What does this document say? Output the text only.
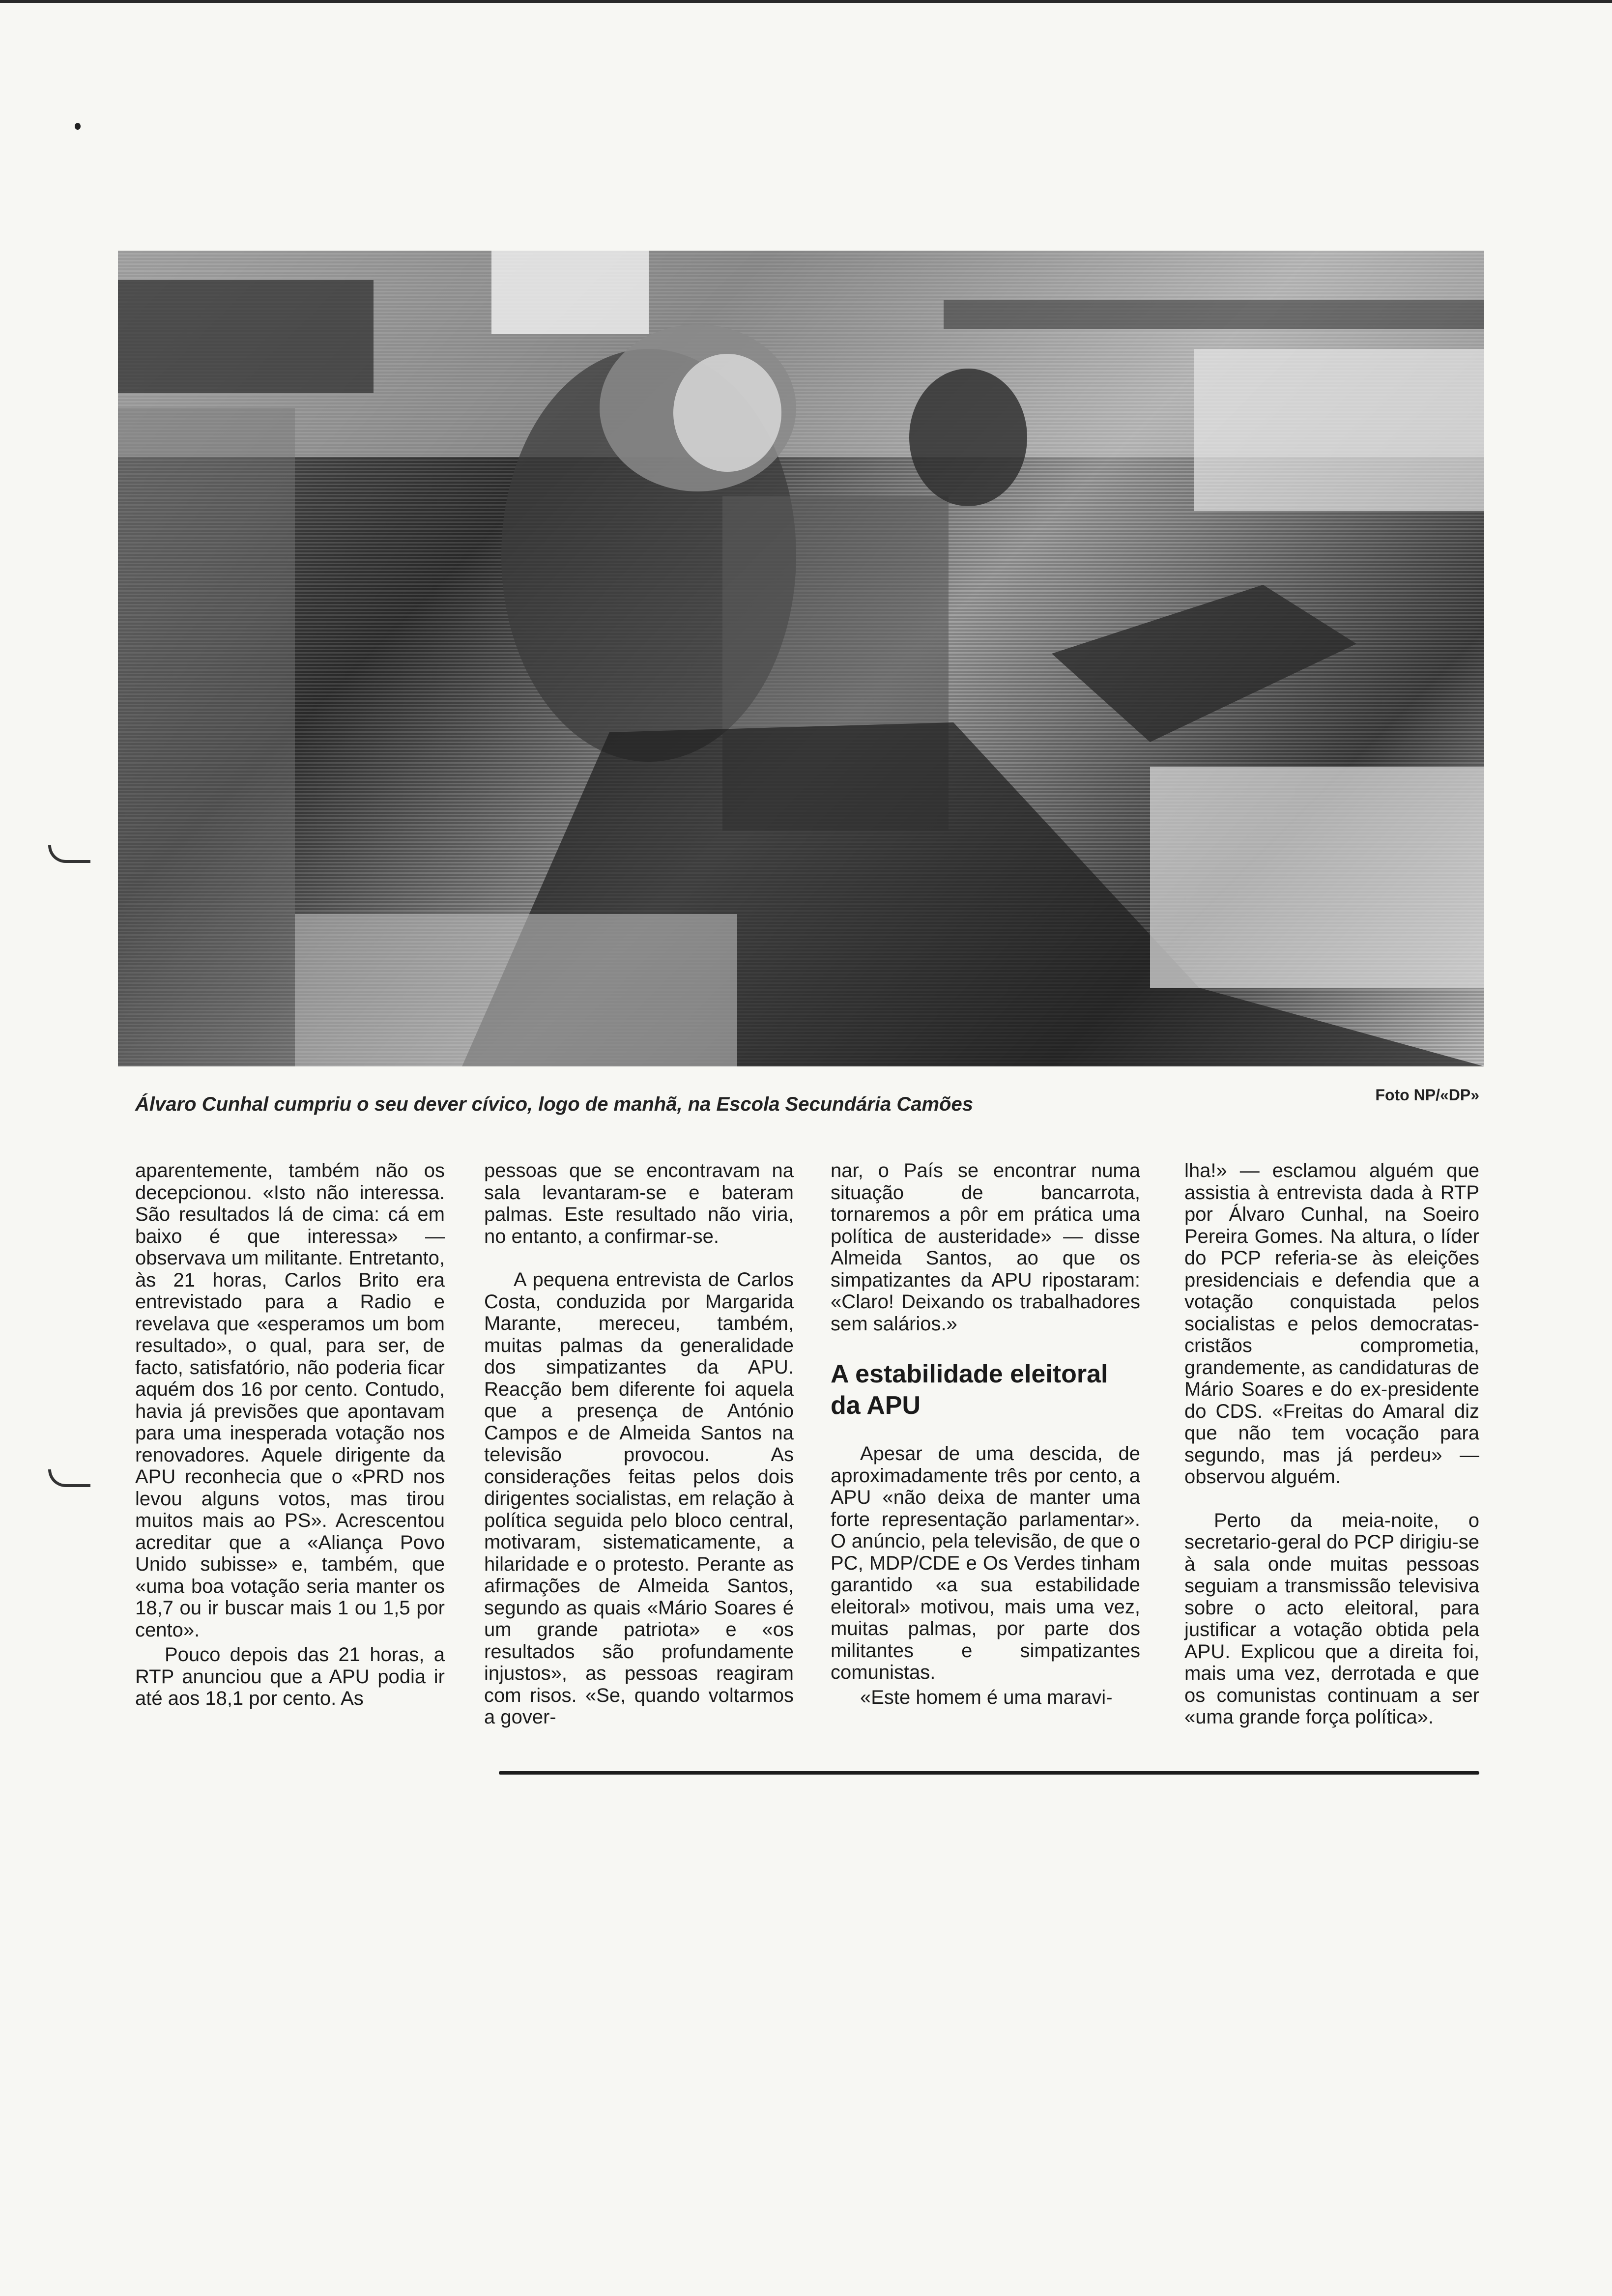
Álvaro Cunhal cumpriu o seu dever cívico, logo de manhã, na Escola Secundária Camões	Foto NP/«DP»

aparentemente, também não os decepcionou. «Isto não interessa. São resultados lá de cima: cá em baixo é que interessa» — observava um militante. Entretanto, às 21 horas, Carlos Brito era entrevistado para a Radio e revelava que «esperamos um bom resultado», o qual, para ser, de facto, satisfatório, não poderia ficar aquém dos 16 por cento. Contudo, havia já previsões que apontavam para uma inesperada votação nos renovadores. Aquele dirigente da APU reconhecia que o «PRD nos levou alguns votos, mas tirou muitos mais ao PS». Acrescentou acreditar que a «Aliança Povo Unido subisse» e, também, que «uma boa votação seria manter os 18,7 ou ir buscar mais 1 ou 1,5 por cento».

Pouco depois das 21 horas, a RTP anunciou que a APU podia ir até aos 18,1 por cento. As

pessoas que se encontravam na sala levantaram-se e bateram palmas. Este resultado não viria, no entanto, a confirmar-se.

A pequena entrevista de Carlos Costa, conduzida por Margarida Marante, mereceu, também, muitas palmas da generalidade dos simpatizantes da APU. Reacção bem diferente foi aquela que a presença de António Campos e de Almeida Santos na televisão provocou. As considerações feitas pelos dois dirigentes socialistas, em relação à política seguida pelo bloco central, motivaram, sistematicamente, a hilaridade e o protesto. Perante as afirmações de Almeida Santos, segundo as quais «Mário Soares é um grande patriota» e «os resultados são profundamente injustos», as pessoas reagiram com risos. «Se, quando voltarmos a gover-

nar, o País se encontrar numa situação de bancarrota, tornaremos a pôr em prática uma política de austeridade» — disse Almeida Santos, ao que os simpatizantes da APU ripostaram: «Claro! Deixando os trabalhadores sem salários.»

A estabilidade eleitoral da APU

Apesar de uma descida, de aproximadamente três por cento, a APU «não deixa de manter uma forte representação parlamentar». O anúncio, pela televisão, de que o PC, MDP/CDE e Os Verdes tinham garantido «a sua estabilidade eleitoral» motivou, mais uma vez, muitas palmas, por parte dos militantes e simpatizantes comunistas.

«Este homem é uma maravi-

lha!» — esclamou alguém que assistia à entrevista dada à RTP por Álvaro Cunhal, na Soeiro Pereira Gomes. Na altura, o líder do PCP referia-se às eleições presidenciais e defendia que a votação conquistada pelos socialistas e pelos democratas-cristãos comprometia, grandemente, as candidaturas de Mário Soares e do ex-presidente do CDS. «Freitas do Amaral diz que não tem vocação para segundo, mas já perdeu» — observou alguém.

Perto da meia-noite, o secretario-geral do PCP dirigiu-se à sala onde muitas pessoas seguiam a transmissão televisiva sobre o acto eleitoral, para justificar a votação obtida pela APU. Explicou que a direita foi, mais uma vez, derrotada e que os comunistas continuam a ser «uma grande força política».
